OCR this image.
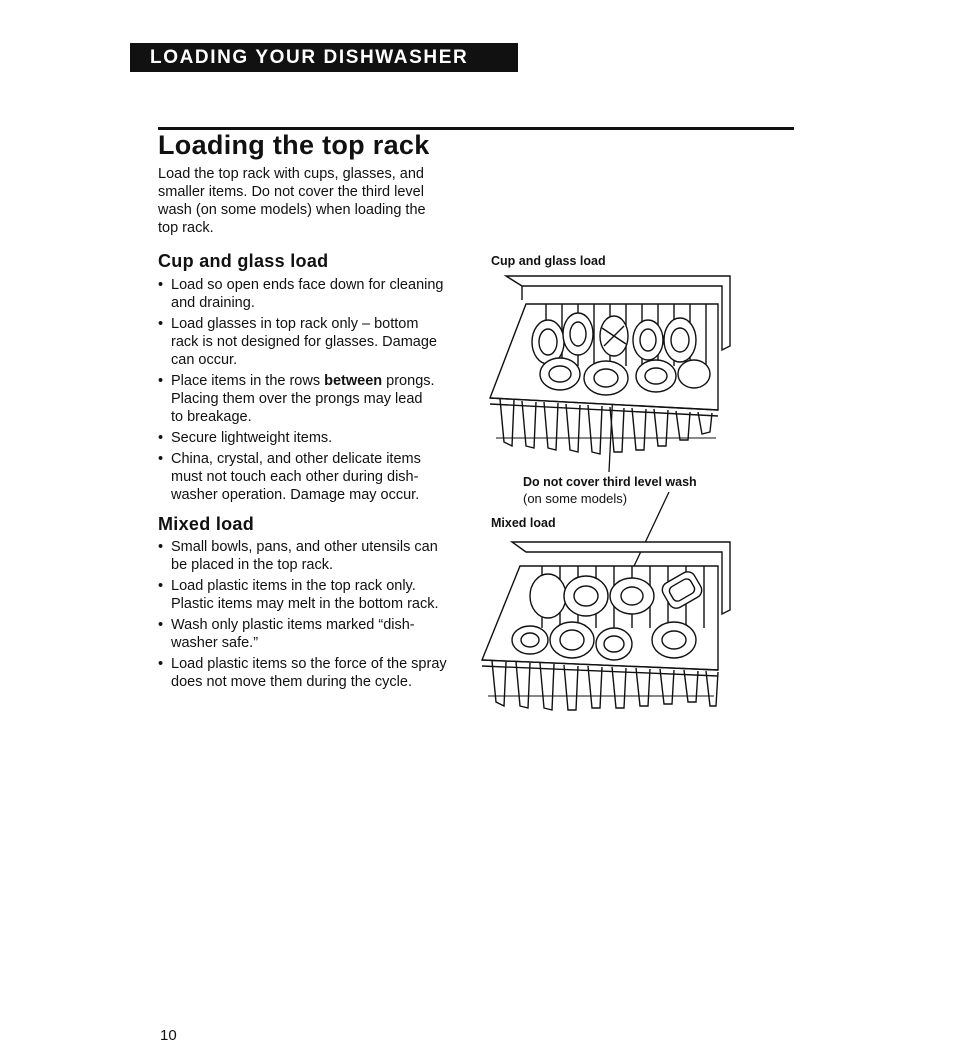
LOADING YOUR DISHWASHER
Loading the top rack
Load the top rack with cups, glasses, and
smaller items. Do not cover the third level
wash (on some models) when loading the
top rack.
Cup and glass load
• Load so open ends face down for cleaning
and draining.
• Load glasses in top rack only – bottom
rack is not designed for glasses. Damage
can occur.
• Place items in the rows between prongs.
Placing them over the prongs may lead
to breakage.
• Secure lightweight items.
• China, crystal, and other delicate items
must not touch each other during dish-
washer operation. Damage may occur.
Mixed load
• Small bowls, pans, and other utensils can
be placed in the top rack.
• Load plastic items in the top rack only.
Plastic items may melt in the bottom rack.
• Wash only plastic items marked “dish-
washer safe.”
• Load plastic items so the force of the spray
does not move them during the cycle.
Cup and glass load
Do not cover third level wash
(on some models)
Mixed load
10
